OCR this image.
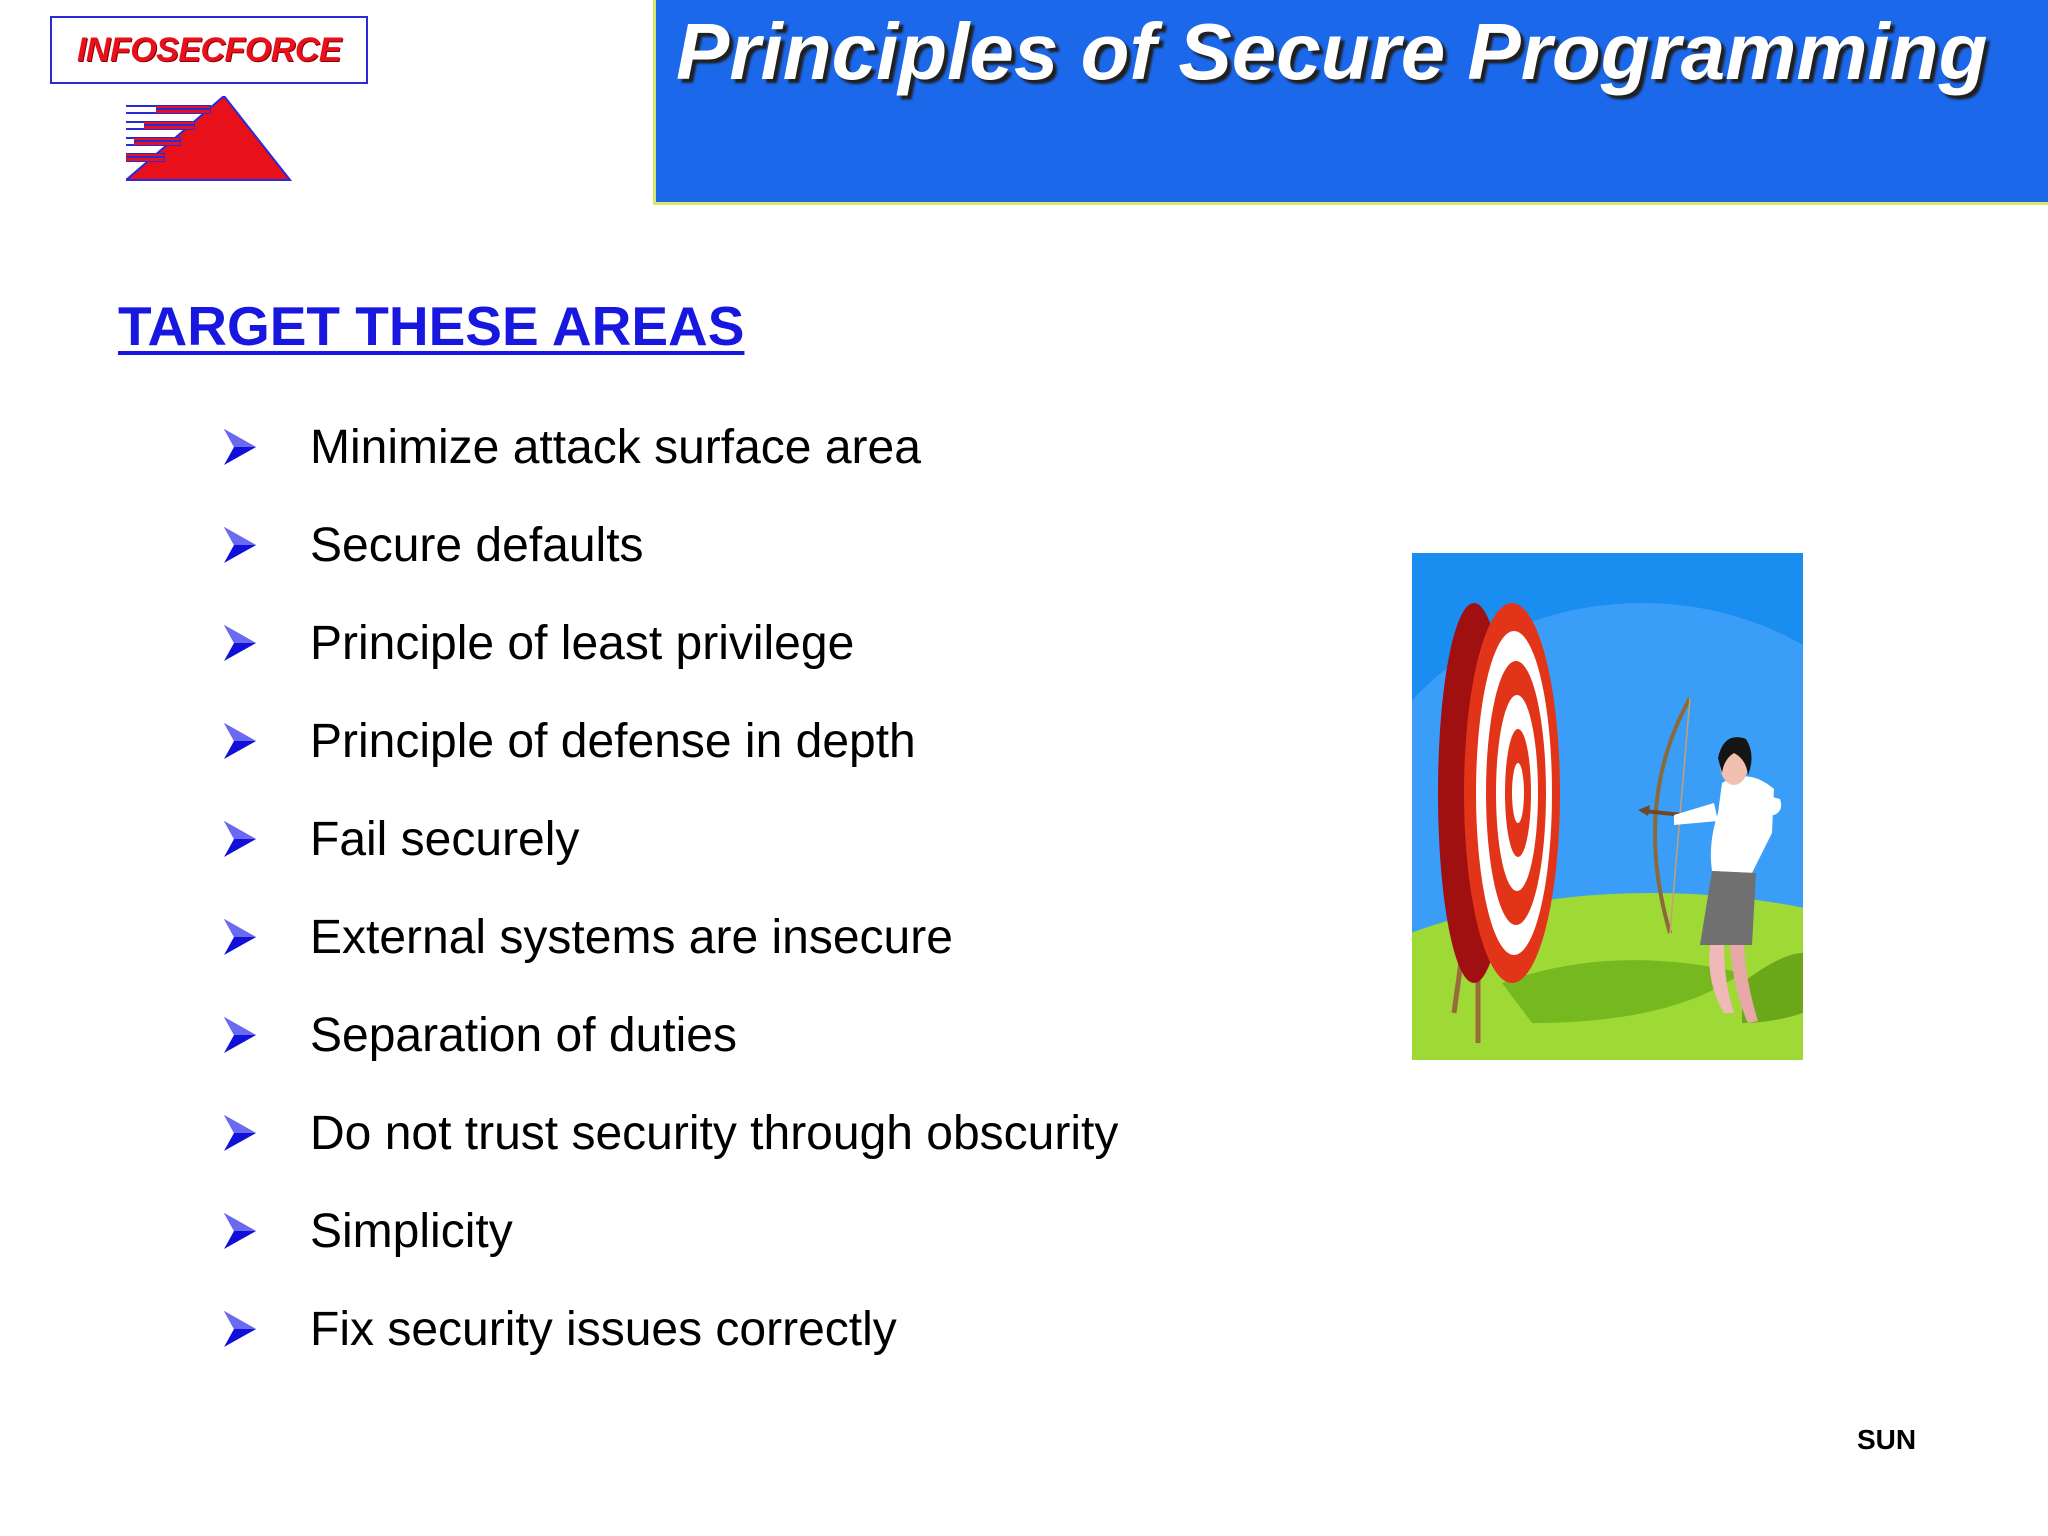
INFOSECFORCE	Principles of Secure Programming
TARGET THESE AREAS
Minimize attack surface area
Secure defaults
Principle of least privilege
Principle of defense in depth
Fail securely
External systems are insecure
Separation of duties
Do not trust security through obscurity
Simplicity
Fix security issues correctly
SUN
